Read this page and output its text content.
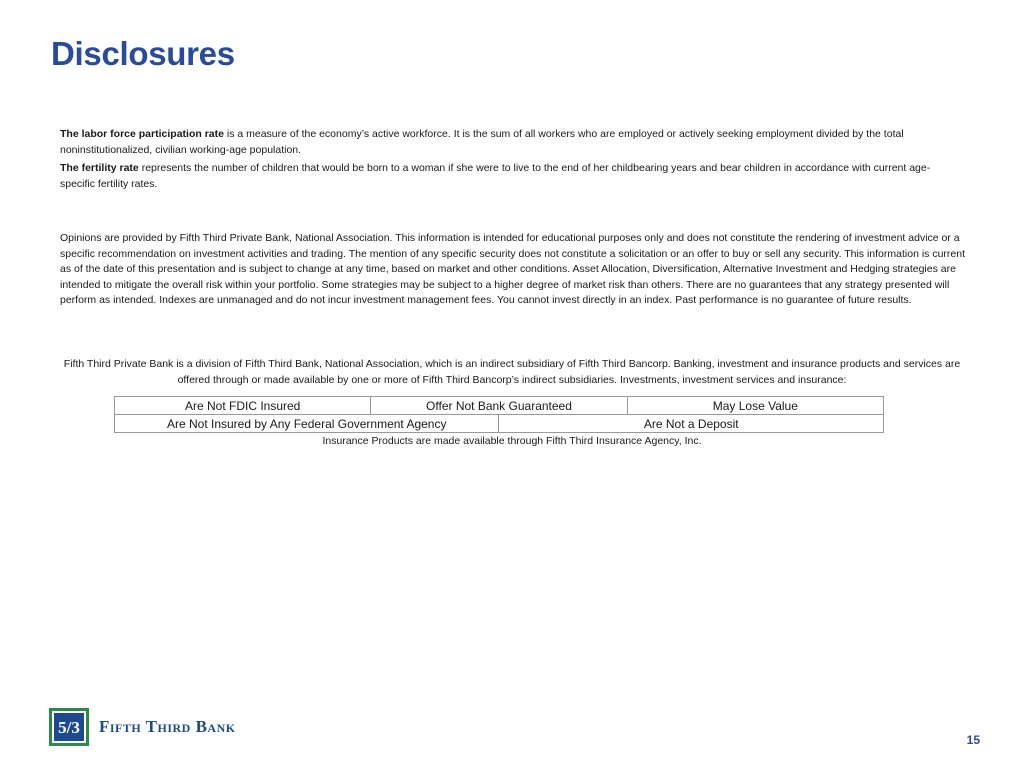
Disclosures

The labor force participation rate is a measure of the economy’s active workforce. It is the sum of all workers who are employed or actively seeking employment divided by the total noninstitutionalized, civilian working-age population.

The fertility rate represents the number of children that would be born to a woman if she were to live to the end of her childbearing years and bear children in accordance with current age-specific fertility rates.

Opinions are provided by Fifth Third Private Bank, National Association. This information is intended for educational purposes only and does not constitute the rendering of investment advice or a specific recommendation on investment activities and trading. The mention of any specific security does not constitute a solicitation or an offer to buy or sell any security. This information is current as of the date of this presentation and is subject to change at any time, based on market and other conditions. Asset Allocation, Diversification, Alternative Investment and Hedging strategies are intended to mitigate the overall risk within your portfolio. Some strategies may be subject to a higher degree of market risk than others. There are no guarantees that any strategy presented will perform as intended. Indexes are unmanaged and do not incur investment management fees. You cannot invest directly in an index. Past performance is no guarantee of future results.

Fifth Third Private Bank is a division of Fifth Third Bank, National Association, which is an indirect subsidiary of Fifth Third Bancorp. Banking, investment and insurance products and services are offered through or made available by one or more of Fifth Third Bancorp’s indirect subsidiaries. Investments, investment services and insurance:

Are Not FDIC Insured	Offer Not Bank Guaranteed		May Lose Value
Are Not Insured by Any Federal Government Agency		Are Not a Deposit	
Insurance Products are made available through Fifth Third Insurance Agency, Inc.
5/3 Fifth Third Bank
15
